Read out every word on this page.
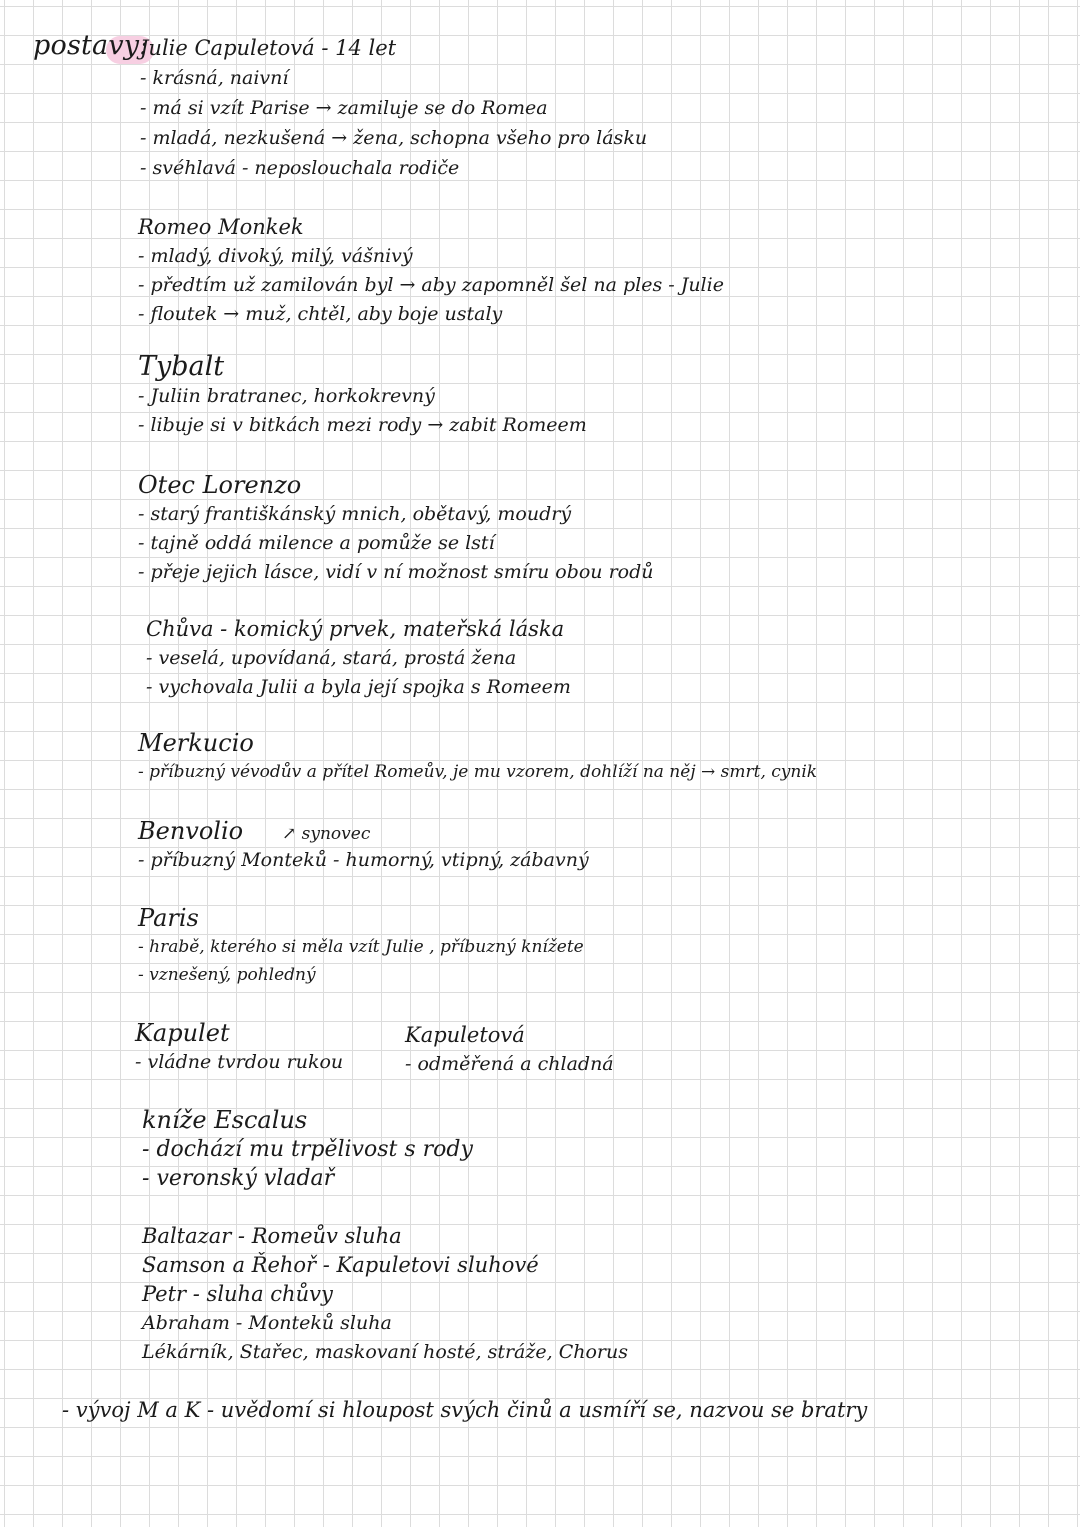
postavy:

Julie Capuletová - 14 let

- krásná, naivní
- má si vzít Parise → zamiluje se do Romea
- mladá, nezkušená → žena, schopna všeho pro lásku
- svéhlavá - neposlouchala rodiče

Romeo Monkek

- mladý, divoký, milý, vášnivý
- předtím už zamilován byl → aby zapomněl šel na ples - Julie
- floutek → muž, chtěl, aby boje ustaly

Tybalt

- Juliin bratranec, horkokrevný
- libuje si v bitkách mezi rody → zabit Romeem

Otec Lorenzo

- starý františkánský mnich, obětavý, moudrý
- tajně oddá milence a pomůže se lstí
- přeje jejich lásce, vidí v ní možnost smíru obou rodů

Chůva - komický prvek, mateřská láska

- veselá, upovídaná, stará, prostá žena
- vychovala Julii a byla její spojka s Romeem

Merkucio

- příbuzný vévodův a přítel Romeův, je mu vzorem, dohlíží na něj → smrt, cynik

Benvolio

- příbuzný Monteků - humorný, vtipný, zábavný
↗ synovec

Paris

- hrabě, kterého si měla vzít Julie , příbuzný knížete
- vznešený, pohledný

Kapulet

- vládne tvrdou rukou

Kapuletová

- odměřená a chladná

kníže Escalus

- dochází mu trpělivost s rody
- veronský vladař
Baltazar - Romeův sluha
Samson a Řehoř - Kapuletovi sluhové
Petr - sluha chůvy
Abraham - Monteků sluha
Lékárník, Stařec, maskovaní hosté, stráže, Chorus
- vývoj M a K - uvědomí si hloupost svých činů a usmíří se, nazvou se bratry
